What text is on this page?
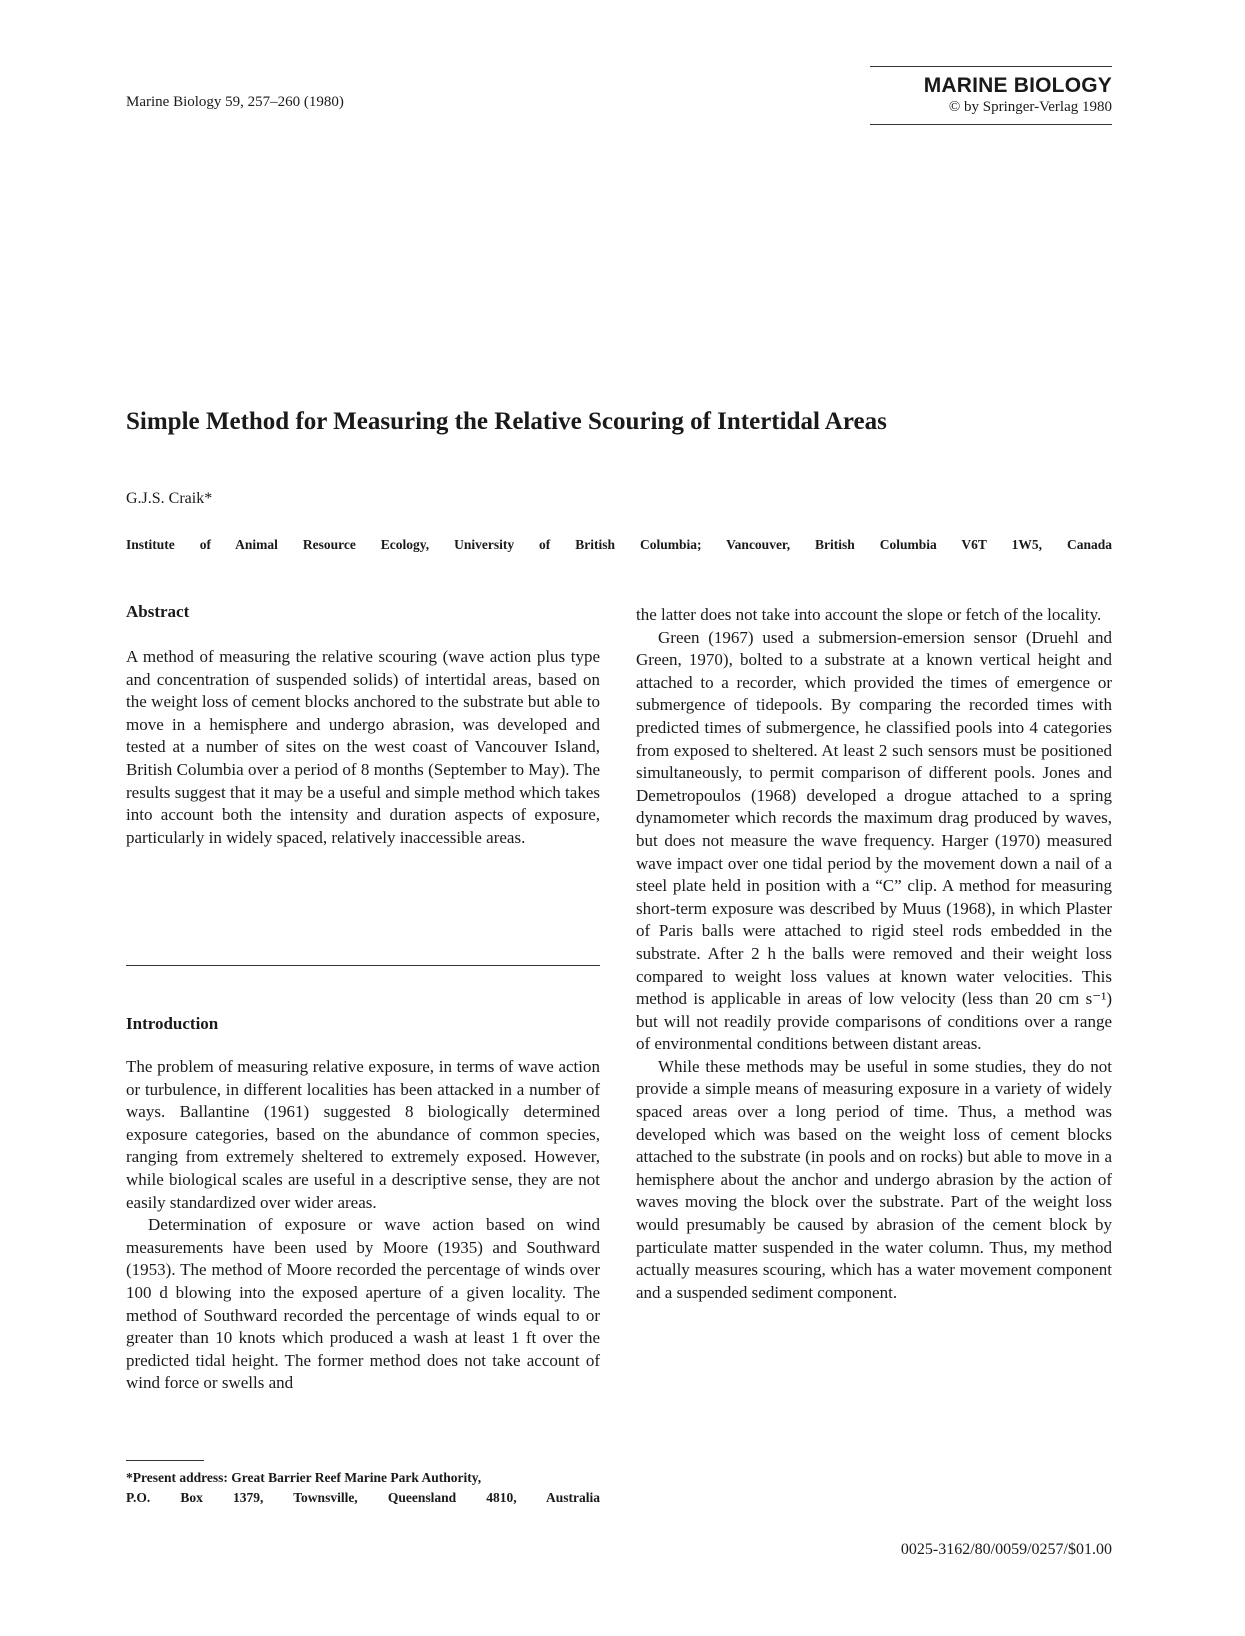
Marine Biology 59, 257–260 (1980)
MARINE BIOLOGY
© by Springer-Verlag 1980
Simple Method for Measuring the Relative Scouring of Intertidal Areas
G.J.S. Craik*
Institute of Animal Resource Ecology, University of British Columbia; Vancouver, British Columbia V6T 1W5, Canada
Abstract

A method of measuring the relative scouring (wave action plus type and concentration of suspended solids) of intertidal areas, based on the weight loss of cement blocks anchored to the substrate but able to move in a hemisphere and undergo abrasion, was developed and tested at a number of sites on the west coast of Vancouver Island, British Columbia over a period of 8 months (September to May). The results suggest that it may be a useful and simple method which takes into account both the intensity and duration aspects of exposure, particularly in widely spaced, relatively inaccessible areas.

Introduction

The problem of measuring relative exposure, in terms of wave action or turbulence, in different localities has been attacked in a number of ways. Ballantine (1961) suggested 8 biologically determined exposure categories, based on the abundance of common species, ranging from extremely sheltered to extremely exposed. However, while biological scales are useful in a descriptive sense, they are not easily standardized over wider areas.

Determination of exposure or wave action based on wind measurements have been used by Moore (1935) and Southward (1953). The method of Moore recorded the percentage of winds over 100 d blowing into the exposed aperture of a given locality. The method of Southward recorded the percentage of winds equal to or greater than 10 knots which produced a wash at least 1 ft over the predicted tidal height. The former method does not take account of wind force or swells and

the latter does not take into account the slope or fetch of the locality.

Green (1967) used a submersion-emersion sensor (Druehl and Green, 1970), bolted to a substrate at a known vertical height and attached to a recorder, which provided the times of emergence or submergence of tidepools. By comparing the recorded times with predicted times of submergence, he classified pools into 4 categories from exposed to sheltered. At least 2 such sensors must be positioned simultaneously, to permit comparison of different pools. Jones and Demetropoulos (1968) developed a drogue attached to a spring dynamometer which records the maximum drag produced by waves, but does not measure the wave frequency. Harger (1970) measured wave impact over one tidal period by the movement down a nail of a steel plate held in position with a “C” clip. A method for measuring short-term exposure was described by Muus (1968), in which Plaster of Paris balls were attached to rigid steel rods embedded in the substrate. After 2 h the balls were removed and their weight loss compared to weight loss values at known water velocities. This method is applicable in areas of low velocity (less than 20 cm s⁻¹) but will not readily provide comparisons of conditions over a range of environmental conditions between distant areas.

While these methods may be useful in some studies, they do not provide a simple means of measuring exposure in a variety of widely spaced areas over a long period of time. Thus, a method was developed which was based on the weight loss of cement blocks attached to the substrate (in pools and on rocks) but able to move in a hemisphere about the anchor and undergo abrasion by the action of waves moving the block over the substrate. Part of the weight loss would presumably be caused by abrasion of the cement block by particulate matter suspended in the water column. Thus, my method actually measures scouring, which has a water movement component and a suspended sediment component.

*Present address: Great Barrier Reef Marine Park Authority,
P.O. Box 1379, Townsville, Queensland 4810, Australia
0025-3162/80/0059/0257/$01.00
